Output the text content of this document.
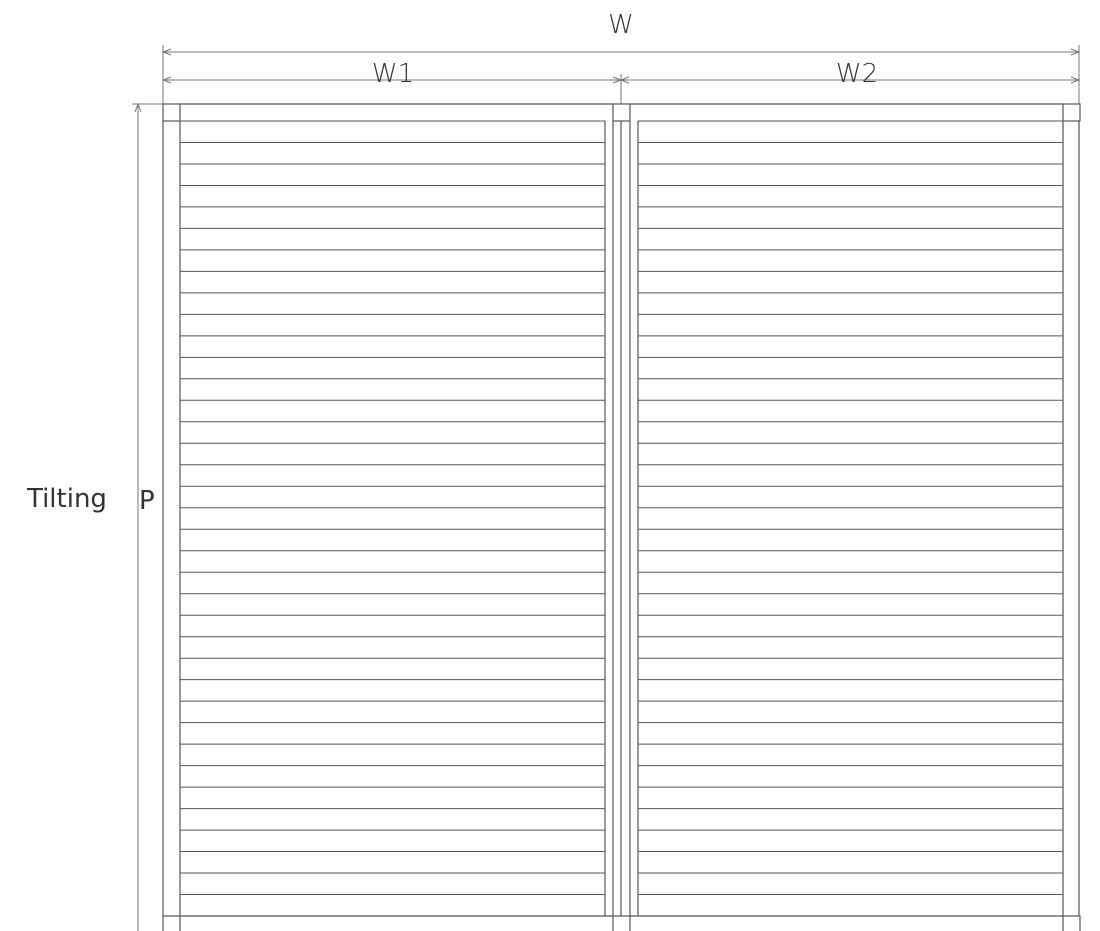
W
W1	W2
Tilting P
